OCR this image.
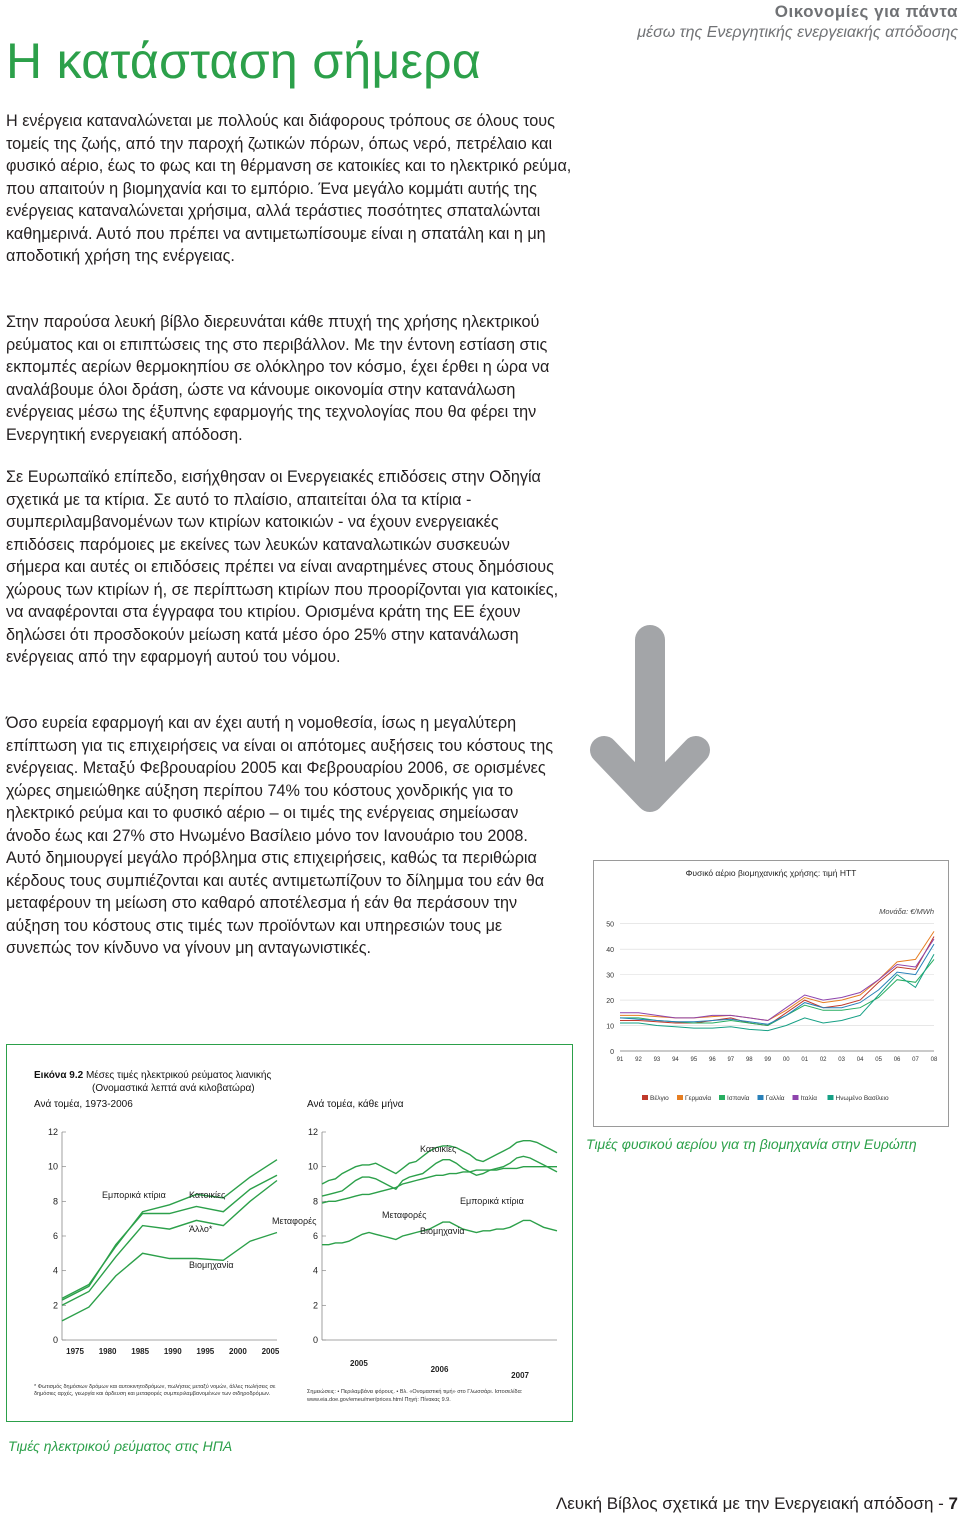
Οικονομίες για πάντα
μέσω της Ενεργητικής ενεργειακής απόδοσης
Η κατάσταση σήμερα
Η ενέργεια καταναλώνεται με πολλούς και διάφορους τρόπους σε όλους τους τομείς της ζωής, από την παροχή ζωτικών πόρων, όπως νερό, πετρέλαιο και φυσικό αέριο, έως το φως και τη θέρμανση σε κατοικίες και το ηλεκτρικό ρεύμα, που απαιτούν η βιομηχανία και το εμπόριο. Ένα μεγάλο κομμάτι αυτής της ενέργειας καταναλώνεται χρήσιμα, αλλά τεράστιες ποσότητες σπαταλώνται καθημερινά. Αυτό που πρέπει να αντιμετωπίσουμε είναι η σπατάλη και η μη αποδοτική χρήση της ενέργειας.
Στην παρούσα λευκή βίβλο διερευνάται κάθε πτυχή της χρήσης ηλεκτρικού ρεύματος και οι επιπτώσεις της στο περιβάλλον. Με την έντονη εστίαση στις εκπομπές αερίων θερμοκηπίου σε ολόκληρο τον κόσμο, έχει έρθει η ώρα να αναλάβουμε όλοι δράση, ώστε να κάνουμε οικονομία στην κατανάλωση ενέργειας μέσω της έξυπνης εφαρμογής της τεχνολογίας που θα φέρει την Ενεργητική ενεργειακή απόδοση.
Σε Ευρωπαϊκό επίπεδο, εισήχθησαν οι Ενεργειακές επιδόσεις στην Οδηγία σχετικά με τα κτίρια. Σε αυτό το πλαίσιο, απαιτείται όλα τα κτίρια - συμπεριλαμβανομένων των κτιρίων κατοικιών - να έχουν ενεργειακές επιδόσεις παρόμοιες με εκείνες των λευκών καταναλωτικών συσκευών σήμερα και αυτές οι επιδόσεις πρέπει να είναι αναρτημένες στους δημόσιους χώρους των κτιρίων ή, σε περίπτωση κτιρίων που προορίζονται για κατοικίες, να αναφέρονται στα έγγραφα του κτιρίου. Ορισμένα κράτη της ΕΕ έχουν δηλώσει ότι προσδοκούν μείωση κατά μέσο όρο 25% στην κατανάλωση ενέργειας από την εφαρμογή αυτού του νόμου.
Όσο ευρεία εφαρμογή και αν έχει αυτή η νομοθεσία, ίσως η μεγαλύτερη επίπτωση για τις επιχειρήσεις να είναι οι απότομες αυξήσεις του κόστους της ενέργειας. Μεταξύ Φεβρουαρίου 2005 και Φεβρουαρίου 2006, σε ορισμένες χώρες σημειώθηκε αύξηση περίπου 74% του κόστους χονδρικής για το ηλεκτρικό ρεύμα και το φυσικό αέριο – οι τιμές της ενέργειας σημείωσαν άνοδο έως και 27% στο Ηνωμένο Βασίλειο μόνο τον Ιανουάριο του 2008. Αυτό δημιουργεί μεγάλο πρόβλημα στις επιχειρήσεις, καθώς τα περιθώρια κέρδους τους συμπιέζονται και αυτές αντιμετωπίζουν το δίλημμα του εάν θα μεταφέρουν τη μείωση στο καθαρό αποτέλεσμα ή εάν θα περάσουν την αύξηση του κόστους στις τιμές των προϊόντων και υπηρεσιών τους με συνεπώς τον κίνδυνο να γίνουν μη ανταγωνιστικές.
Φυσικό αέριο βιομηχανικής χρήσης: τιμή HTT
Μονάδα: €/MWh
0
10
20
30
40
50
91 92 93 94 95 96 97 98 99 00 01 02 03 04 05 06 07 08
Βέλγιο Γερμανία Ισπανία Γαλλία Ιταλία	Ηνωμένο Βασίλειο
Τιμές φυσικού αερίου για τη βιομηχανία στην Ευρώπη
Εικόνα 9.2 Μέσες τιμές ηλεκτρικού ρεύματος λιανικής
(Ονομαστικά λεπτά ανά κιλοβατώρα)
Ανά τομέα, 1973-2006	Ανά τομέα, κάθε μήνα
0
2
4
6
8
10
12
1975 1980 1985 1990 1995 2000 2005
Εμπορικά κτίρια	Κατοικίες
Άλλο*
Βιομηχανία
0
2
4
6
8
10
12
2005
2006
2007
Κατοικίες
Εμπορικά κτίρια
Μεταφορές
Μεταφορές
Βιομηχανία
* Φωτισμός δημόσιων δρόμων και αυτοκινητοδρόμων, πωλήσεις μεταξύ νομών, άλλες πωλήσεις σε δημόσιες αρχές, γεωργία και άρδευση και μεταφορές συμπεριλαμβανομένων των σιδηροδρόμων.	Σημειώσεις: • Περιλαμβάνει φόρους. • Βλ. «Ονομαστική τιμή» στο Γλωσσάρι. Ιστοσελίδα: www.eia.doe.gov/emeu/mer/prices.html Πηγή: Πίνακας 9.9.
Τιμές ηλεκτρικού ρεύματος στις ΗΠΑ
Λευκή Βίβλος σχετικά με την Ενεργειακή απόδοση - 7
